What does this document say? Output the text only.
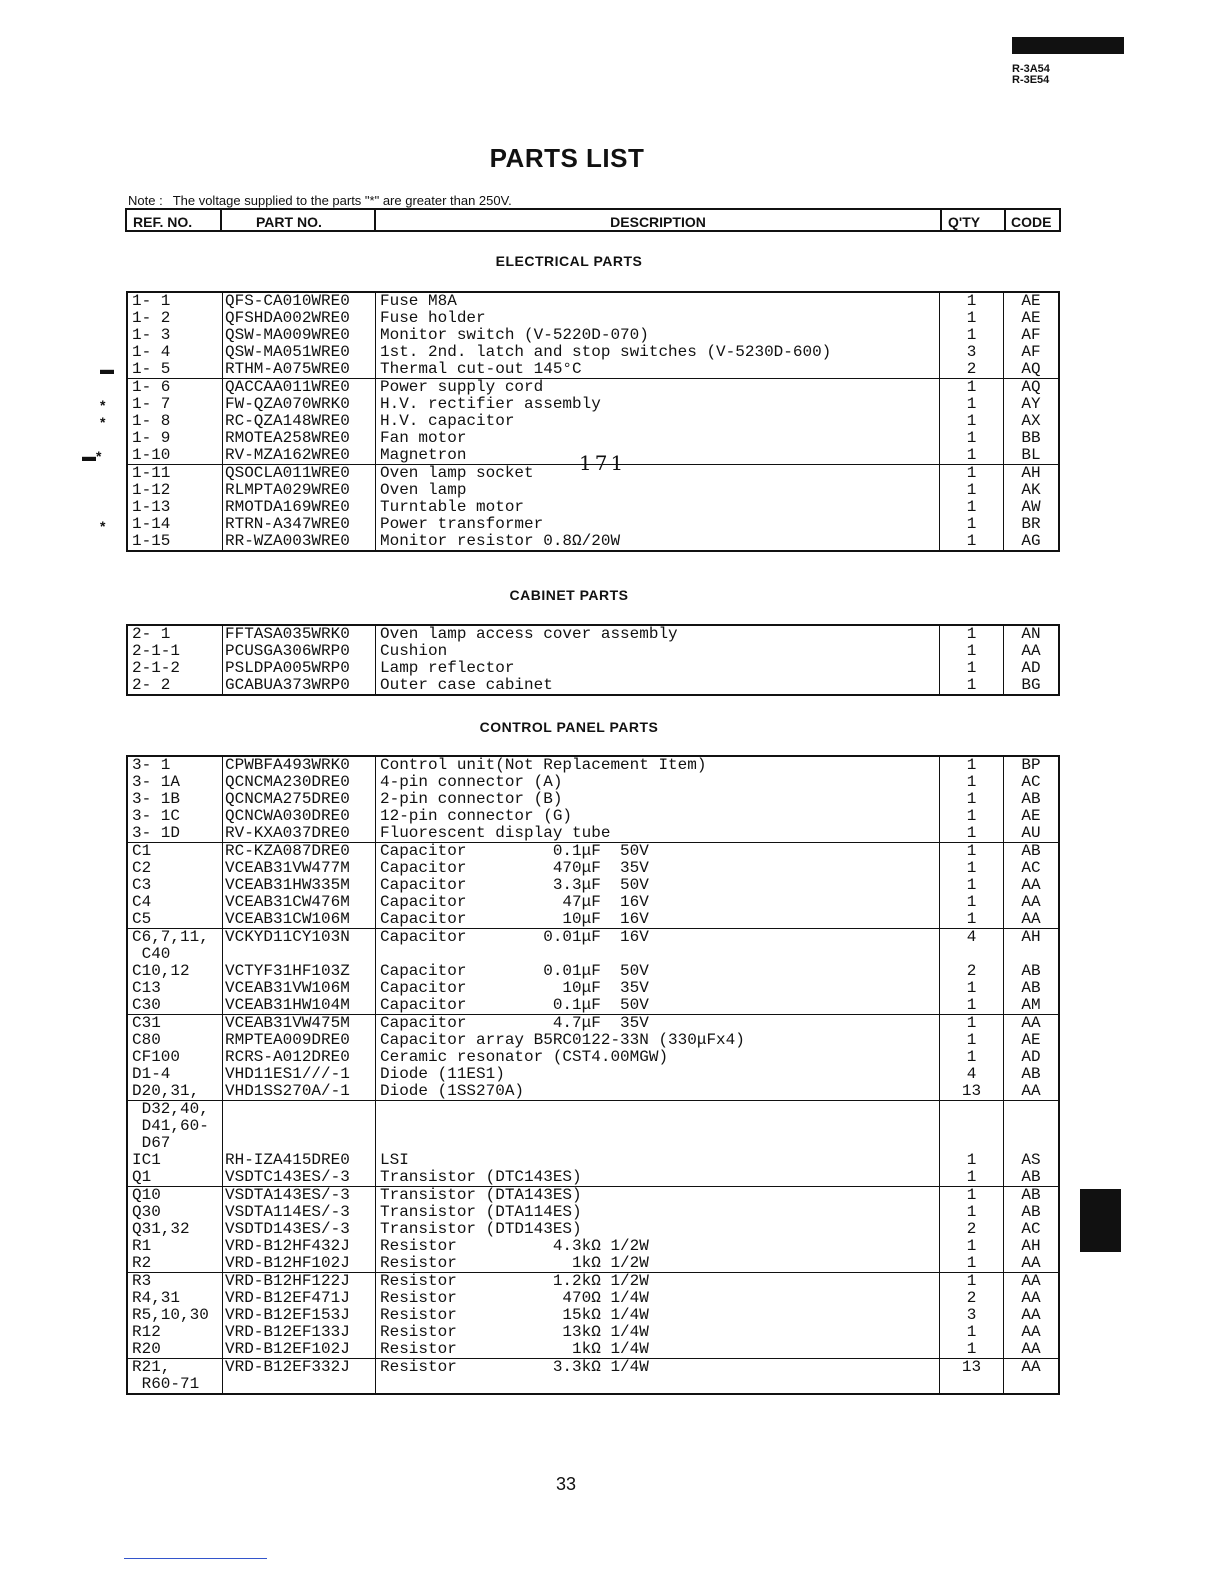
R-3A54
R-3E54
PARTS LIST
Note : The voltage supplied to the parts "*" are greater than 250V.
REF. NO.	PART NO.	DESCRIPTION	Q'TY	CODE
ELECTRICAL PARTS
1- 1	QFS-CA010WRE0	Fuse M8A	1	AE
1- 2	QFSHDA002WRE0	Fuse holder	1	AE
1- 3	QSW-MA009WRE0	Monitor switch (V-5220D-070)	1	AF
1- 4	QSW-MA051WRE0	1st. 2nd. latch and stop switches (V-5230D-600)	3	AF
1- 5	RTHM-A075WRE0	Thermal cut-out 145°C	2	AQ
1- 6	QACCAA011WRE0	Power supply cord	1	AQ
1- 7	FW-QZA070WRK0	H.V. rectifier assembly	1	AY
1- 8	RC-QZA148WRE0	H.V. capacitor	1	AX
1- 9	RMOTEA258WRE0	Fan motor	1	BB
1-10	RV-MZA162WRE0	Magnetron	1	BL
1-11	QSOCLA011WRE0	Oven lamp socket	1	AH
1-12	RLMPTA029WRE0	Oven lamp	1	AK
1-13	RMOTDA169WRE0	Turntable motor	1	AW
1-14	RTRN-A347WRE0	Power transformer	1	BR
1-15	RR-WZA003WRE0	Monitor resistor 0.8Ω/20W	1	AG
CABINET PARTS
2- 1	FFTASA035WRK0	Oven lamp access cover assembly	1	AN
2-1-1	PCUSGA306WRP0	Cushion	1	AA
2-1-2	PSLDPA005WRP0	Lamp reflector	1	AD
2- 2	GCABUA373WRP0	Outer case cabinet	1	BG
CONTROL PANEL PARTS
3- 1	CPWBFA493WRK0	Control unit(Not Replacement Item)	1	BP
3- 1A	QCNCMA230DRE0	4-pin connector (A)	1	AC
3- 1B	QCNCMA275DRE0	2-pin connector (B)	1	AB
3- 1C	QCNCWA030DRE0	12-pin connector (G)	1	AE
3- 1D	RV-KXA037DRE0	Fluorescent display tube	1	AU
C1	RC-KZA087DRE0	Capacitor         0.1μF  50V	1	AB
C2	VCEAB31VW477M	Capacitor         470μF  35V	1	AC
C3	VCEAB31HW335M	Capacitor         3.3μF  50V	1	AA
C4	VCEAB31CW476M	Capacitor          47μF  16V	1	AA
C5	VCEAB31CW106M	Capacitor          10μF  16V	1	AA
C6,7,11,	VCKYD11CY103N	Capacitor        0.01μF  16V	4	AH
C40
C10,12	VCTYF31HF103Z	Capacitor        0.01μF  50V	2	AB
C13	VCEAB31VW106M	Capacitor          10μF  35V	1	AB
C30	VCEAB31HW104M	Capacitor         0.1μF  50V	1	AM
C31	VCEAB31VW475M	Capacitor         4.7μF  35V	1	AA
C80	RMPTEA009DRE0	Capacitor array B5RC0122-33N (330μFx4)	1	AE
CF100	RCRS-A012DRE0	Ceramic resonator (CST4.00MGW)	1	AD
D1-4	VHD11ES1///-1	Diode (11ES1)	4	AB
D20,31,	VHD1SS270A/-1	Diode (1SS270A)	13	AA
D32,40,
D41,60-
D67
IC1	RH-IZA415DRE0	LSI	1	AS
Q1	VSDTC143ES/-3	Transistor (DTC143ES)	1	AB
Q10	VSDTA143ES/-3	Transistor (DTA143ES)	1	AB
Q30	VSDTA114ES/-3	Transistor (DTA114ES)	1	AB
Q31,32	VSDTD143ES/-3	Transistor (DTD143ES)	2	AC
R1	VRD-B12HF432J	Resistor          4.3kΩ 1/2W	1	AH
R2	VRD-B12HF102J	Resistor            1kΩ 1/2W	1	AA
R3	VRD-B12HF122J	Resistor          1.2kΩ 1/2W	1	AA
R4,31	VRD-B12EF471J	Resistor           470Ω 1/4W	2	AA
R5,10,30	VRD-B12EF153J	Resistor           15kΩ 1/4W	3	AA
R12	VRD-B12EF133J	Resistor           13kΩ 1/4W	1	AA
R20	VRD-B12EF102J	Resistor            1kΩ 1/4W	1	AA
R21,	VRD-B12EF332J	Resistor          3.3kΩ 1/4W	13	AA
R60-71
171
33
▬
*
*
▬*
*
